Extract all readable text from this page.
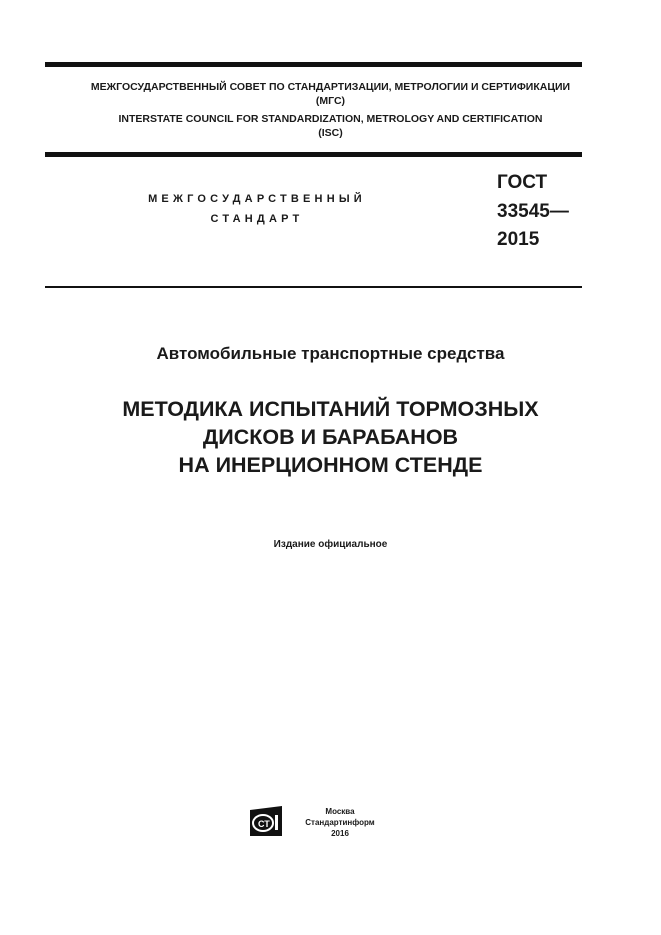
МЕЖГОСУДАРСТВЕННЫЙ СОВЕТ ПО СТАНДАРТИЗАЦИИ, МЕТРОЛОГИИ И СЕРТИФИКАЦИИ
(МГС)
INTERSTATE COUNCIL FOR STANDARDIZATION, METROLOGY AND CERTIFICATION
(ISC)
МЕЖГОСУДАРСТВЕННЫЙ
СТАНДАРТ
ГОСТ
33545—
2015
Автомобильные транспортные средства
МЕТОДИКА ИСПЫТАНИЙ ТОРМОЗНЫХ
ДИСКОВ И БАРАБАНОВ
НА ИНЕРЦИОННОМ СТЕНДЕ
Издание официальное
СТ
Москва
Стандартинформ
2016
